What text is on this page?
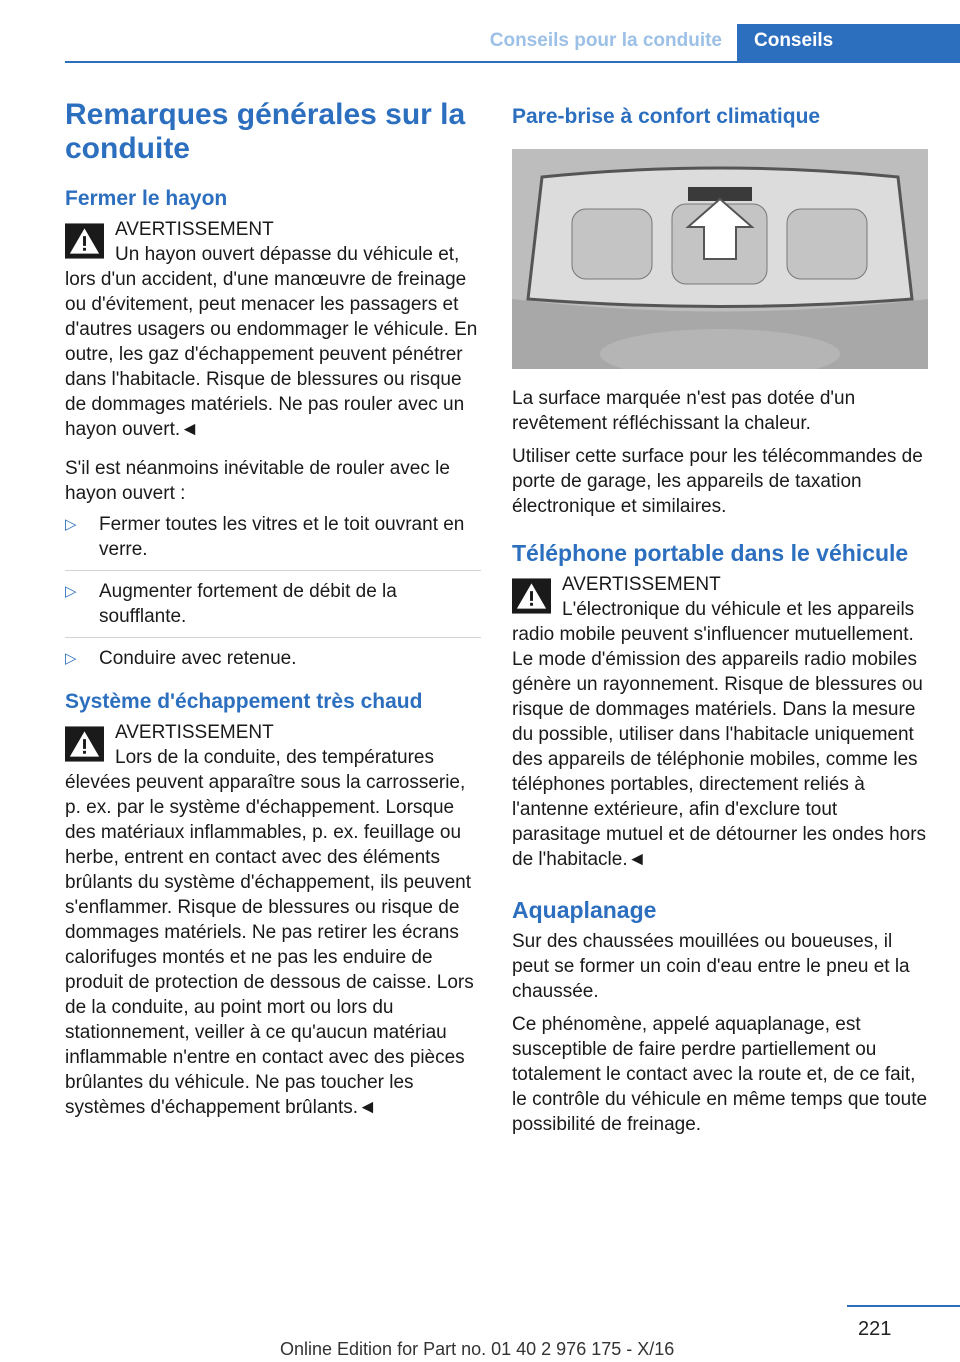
Conseils pour la conduite	Conseils
Remarques générales sur la conduite
Fermer le hayon
AVERTISSEMENT

Un hayon ouvert dépasse du véhicule et, lors d'un accident, d'une manœuvre de freinage ou d'évitement, peut menacer les passagers et d'autres usagers ou endommager le véhicule. En outre, les gaz d'échappement peuvent pénétrer dans l'habitacle. Risque de blessures ou risque de dommages matériels. Ne pas rouler avec un hayon ouvert.◄

S'il est néanmoins inévitable de rouler avec le hayon ouvert :

▷ Fermer toutes les vitres et le toit ouvrant en verre.
▷ Augmenter fortement de débit de la soufflante.
▷ Conduire avec retenue.
Système d'échappement très chaud
AVERTISSEMENT

Lors de la conduite, des températures élevées peuvent apparaître sous la carrosserie, p. ex. par le système d'échappement. Lorsque des matériaux inflammables, p. ex. feuillage ou herbe, entrent en contact avec des éléments brûlants du système d'échappement, ils peuvent s'enflammer. Risque de blessures ou risque de dommages matériels. Ne pas retirer les écrans calorifuges montés et ne pas les enduire de produit de protection de dessous de caisse. Lors de la conduite, au point mort ou lors du stationnement, veiller à ce qu'aucun matériau inflammable n'entre en contact avec des pièces brûlantes du véhicule. Ne pas toucher les systèmes d'échappement brûlants.◄

Pare-brise à confort climatique

La surface marquée n'est pas dotée d'un revêtement réfléchissant la chaleur.

Utiliser cette surface pour les télécommandes de porte de garage, les appareils de taxation électronique et similaires.

Téléphone portable dans le véhicule
AVERTISSEMENT

L'électronique du véhicule et les appareils radio mobile peuvent s'influencer mutuellement. Le mode d'émission des appareils radio mobiles génère un rayonnement. Risque de blessures ou risque de dommages matériels. Dans la mesure du possible, utiliser dans l'habitacle uniquement des appareils de téléphonie mobiles, comme les téléphones portables, directement reliés à l'antenne extérieure, afin d'exclure tout parasitage mutuel et de détourner les ondes hors de l'habitacle.◄

Aquaplanage

Sur des chaussées mouillées ou boueuses, il peut se former un coin d'eau entre le pneu et la chaussée.

Ce phénomène, appelé aquaplanage, est susceptible de faire perdre partiellement ou totalement le contact avec la route et, de ce fait, le contrôle du véhicule en même temps que toute possibilité de freinage.

221
Online Edition for Part no. 01 40 2 976 175 - X/16
